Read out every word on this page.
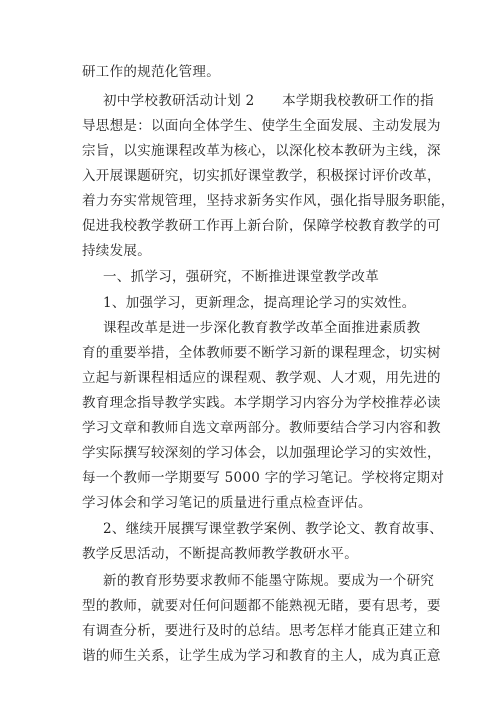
研工作的规范化管理。
初中学校教研活动计划 2　　本学期我校教研工作的指
导思想是：以面向全体学生、使学生全面发展、主动发展为
宗旨，以实施课程改革为核心，以深化校本教研为主线，深
入开展课题研究，切实抓好课堂教学，积极探讨评价改革，
着力夯实常规管理，坚持求新务实作风，强化指导服务职能，
促进我校教学教研工作再上新台阶，保障学校教育教学的可
持续发展。
一、抓学习，强研究，不断推进课堂教学改革
1、加强学习，更新理念，提高理论学习的实效性。
课程改革是进一步深化教育教学改革全面推进素质教
育的重要举措，全体教师要不断学习新的课程理念，切实树
立起与新课程相适应的课程观、教学观、人才观，用先进的
教育理念指导教学实践。本学期学习内容分为学校推荐必读
学习文章和教师自选文章两部分。教师要结合学习内容和教
学实际撰写较深刻的学习体会，以加强理论学习的实效性，
每一个教师一学期要写 5000 字的学习笔记。学校将定期对
学习体会和学习笔记的质量进行重点检查评估。
2、继续开展撰写课堂教学案例、教学论文、教育故事、
教学反思活动，不断提高教师教学教研水平。
新的教育形势要求教师不能墨守陈规。要成为一个研究
型的教师，就要对任何问题都不能熟视无睹，要有思考，要
有调查分析，要进行及时的总结。思考怎样才能真正建立和
谐的师生关系，让学生成为学习和教育的主人，成为真正意
